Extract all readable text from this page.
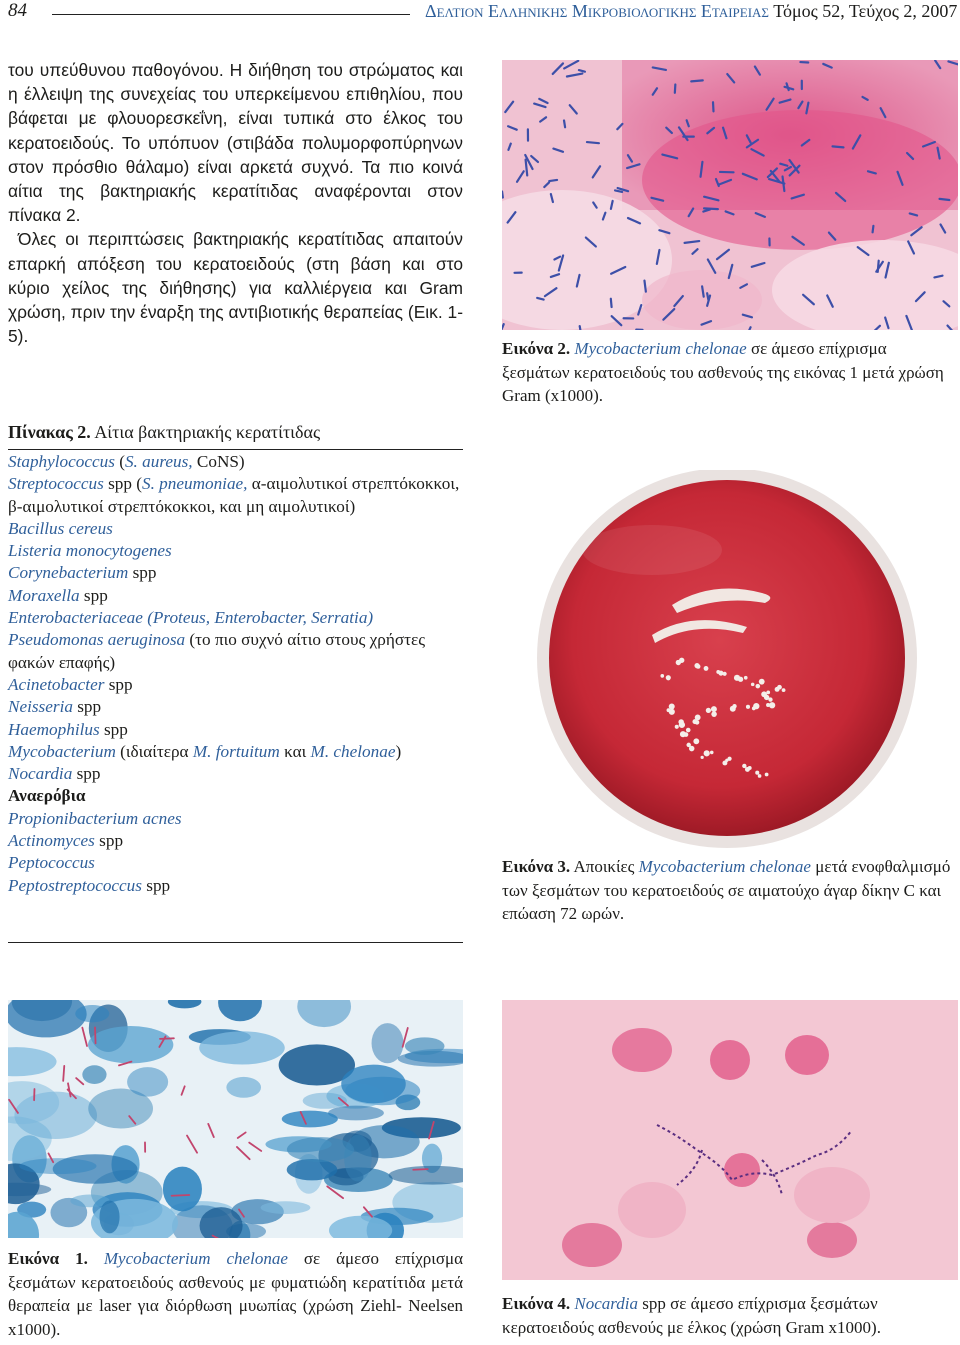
84	Δελτιον Ελληνικης Μικροβιολογικης Εταιρειας Τόμος 52, Τεύχος 2, 2007

του υπεύθυνου παθογόνου. Η διήθηση του στρώματος και η έλλειψη της συνεχείας του υπερκείμενου επιθηλίου, που βάφεται με φλουορεσκεΐνη, είναι τυπικά στο έλκος του κερατοειδούς. Το υπόπυον (στιβάδα πολυμορφοπύρηνων στον πρόσθιο θάλαμο) είναι αρκετά συχνό. Τα πιο κοινά αίτια της βακτηριακής κερατίτιδας αναφέρονται στον πίνακα 2.

Όλες οι περιπτώσεις βακτηριακής κερατίτιδας απαιτούν επαρκή απόξεση του κερατοειδούς (στη βάση και στο κύριο χείλος της διήθησης) για καλλιέργεια και Gram χρώση, πριν την έναρξη της αντιβιοτικής θεραπείας (Εικ. 1-5).

Πίνακας 2. Αίτια βακτηριακής κερατίτιδας
Staphylococcus (S. aureus, CoNS)
Streptococcus spp (S. pneumoniae, α-αιμολυτικοί στρεπτόκοκκοι, β-αιμολυτικοί στρεπτόκοκκοι, και μη αιμολυτικοί)
Bacillus cereus
Listeria monocytogenes
Corynebacterium spp
Moraxella spp
Enterobacteriaceae (Proteus, Enterobacter, Serratia)
Pseudomonas aeruginosa (το πιο συχνό αίτιο στους χρήστες φακών επαφής)
Acinetobacter spp
Neisseria spp
Haemophilus spp
Mycobacterium (ιδιαίτερα M. fortuitum και M. chelonae)
Nocardia spp
Αναερόβια
Propionibacterium acnes
Actinomyces spp
Peptococcus
Peptostreptococcus spp
Εικόνα 2. Mycobacterium chelonae σε άμεσο επίχρισμα ξεσμάτων κερατοειδούς του ασθενούς της εικόνας 1 μετά χρώση Gram (x1000).
Εικόνα 3. Αποικίες Mycobacterium chelonae μετά ενοφθαλμισμό των ξεσμάτων του κερατοειδούς σε αιματούχο άγαρ δίκην C και επώαση 72 ωρών.
Εικόνα 1. Mycobacterium chelonae σε άμεσο επίχρισμα ξεσμάτων κερατοειδούς ασθενούς με φυματιώδη κερατίτιδα μετά θεραπεία με laser για διόρθωση μυωπίας (χρώση Ziehl- Neelsen x1000).
Εικόνα 4. Nocardia spp σε άμεσο επίχρισμα ξεσμάτων κερατοειδούς ασθενούς με έλκος (χρώση Gram x1000).
